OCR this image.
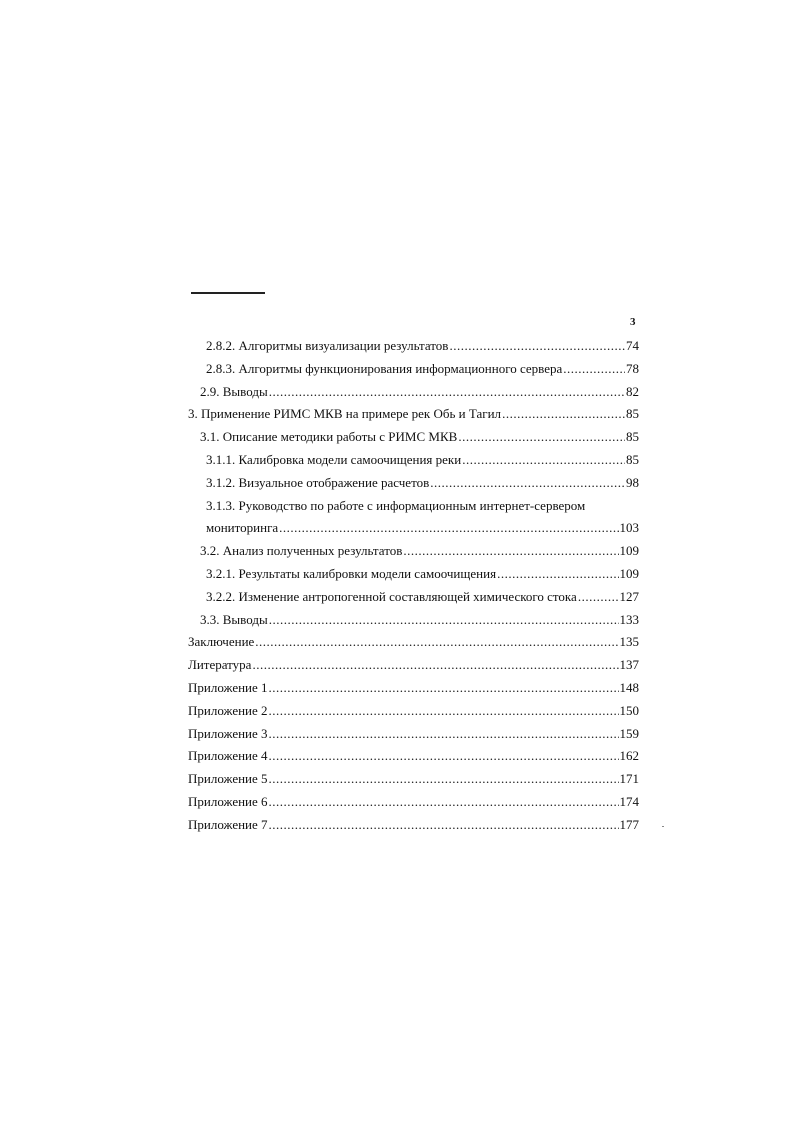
3
2.8.2. Алгоритмы визуализации результатов .....	74
2.8.3. Алгоритмы функционирования информационного сервера .....	78
2.9. Выводы .....	82
3. Применение РИМС МКВ на примере рек Обь и Тагил .....	85
3.1. Описание методики работы с РИМС МКВ .....	85
3.1.1. Калибровка модели самоочищения реки .....	85
3.1.2. Визуальное отображение расчетов .....	98
3.1.3. Руководство по работе с информационным интернет-сервером
мониторинга .....	103
3.2. Анализ полученных результатов .....	109
3.2.1. Результаты калибровки модели самоочищения .....	109
3.2.2. Изменение антропогенной составляющей химического стока .....	127
3.3. Выводы .....	133
Заключение .....	135
Литература .....	137
Приложение 1 .....	148
Приложение 2 .....	150
Приложение 3 .....	159
Приложение 4 .....	162
Приложение 5 .....	171
Приложение 6 .....	174
Приложение 7 .....	177
